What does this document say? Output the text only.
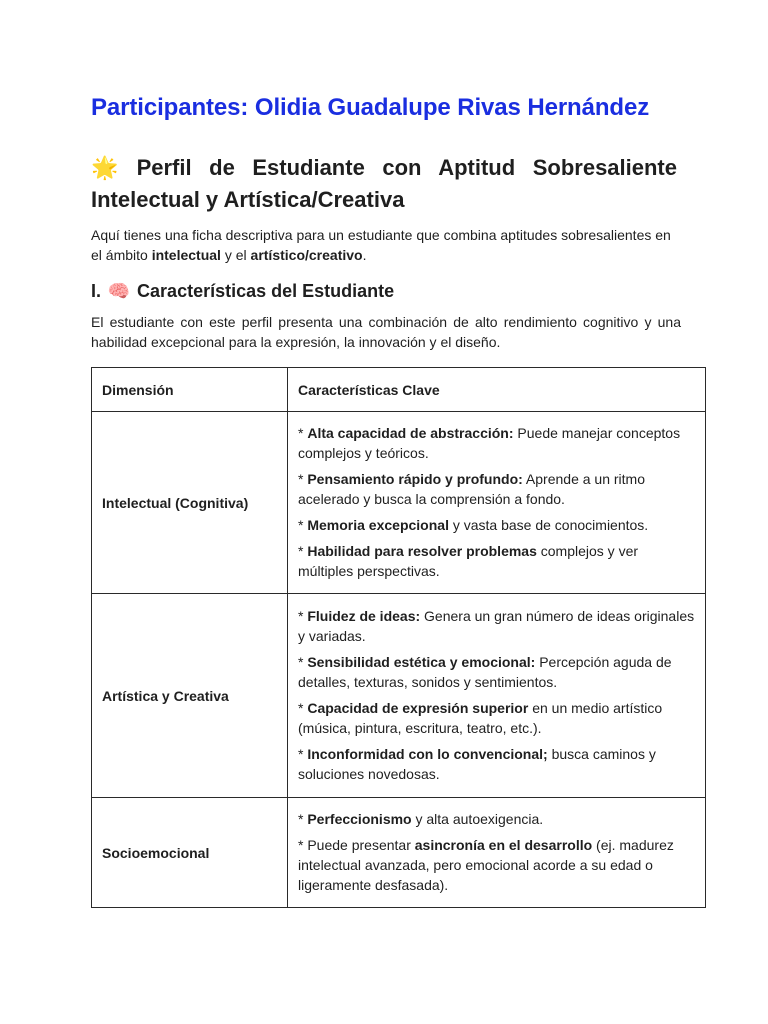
Participantes: Olidia Guadalupe Rivas Hernández
🌟 Perfil de Estudiante con Aptitud Sobresaliente Intelectual y Artística/Creativa

Aquí tienes una ficha descriptiva para un estudiante que combina aptitudes sobresalientes en el ámbito intelectual y el artístico/creativo.

I. 🧠 Características del Estudiante

El estudiante con este perfil presenta una combinación de alto rendimiento cognitivo y una habilidad excepcional para la expresión, la innovación y el diseño.

Dimensión	Características Clave
Intelectual (Cognitiva)	* Alta capacidad de abstracción: Puede manejar conceptos complejos y teóricos.

* Pensamiento rápido y profundo: Aprende a un ritmo acelerado y busca la comprensión a fondo.

* Memoria excepcional y vasta base de conocimientos.

* Habilidad para resolver problemas complejos y ver múltiples perspectivas.

Artística y Creativa	* Fluidez de ideas: Genera un gran número de ideas originales y variadas.

* Sensibilidad estética y emocional: Percepción aguda de detalles, texturas, sonidos y sentimientos.

* Capacidad de expresión superior en un medio artístico (música, pintura, escritura, teatro, etc.).

* Inconformidad con lo convencional; busca caminos y soluciones novedosas.

Socioemocional	* Perfeccionismo y alta autoexigencia.

* Puede presentar asincronía en el desarrollo (ej. madurez intelectual avanzada, pero emocional acorde a su edad o ligeramente desfasada).
